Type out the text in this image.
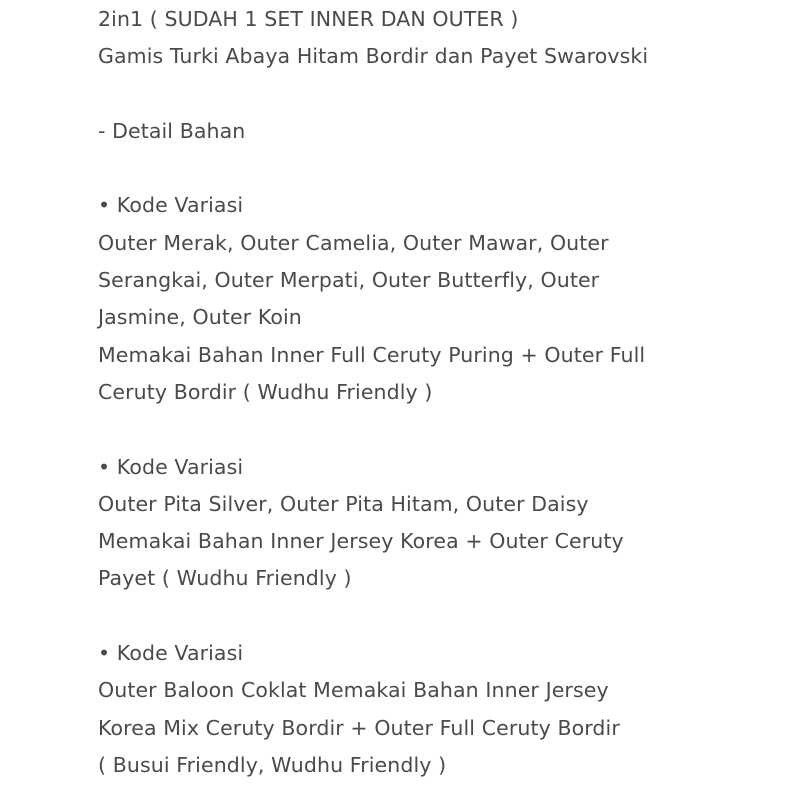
2in1 ( SUDAH 1 SET INNER DAN OUTER )
Gamis Turki Abaya Hitam Bordir dan Payet Swarovski
- Detail Bahan
• Kode Variasi
Outer Merak, Outer Camelia, Outer Mawar, Outer
Serangkai, Outer Merpati, Outer Butterfly, Outer
Jasmine, Outer Koin
Memakai Bahan Inner Full Ceruty Puring + Outer Full
Ceruty Bordir ( Wudhu Friendly )
• Kode Variasi
Outer Pita Silver, Outer Pita Hitam, Outer Daisy
Memakai Bahan Inner Jersey Korea + Outer Ceruty
Payet ( Wudhu Friendly )
• Kode Variasi
Outer Baloon Coklat Memakai Bahan Inner Jersey
Korea Mix Ceruty Bordir + Outer Full Ceruty Bordir
( Busui Friendly, Wudhu Friendly )
